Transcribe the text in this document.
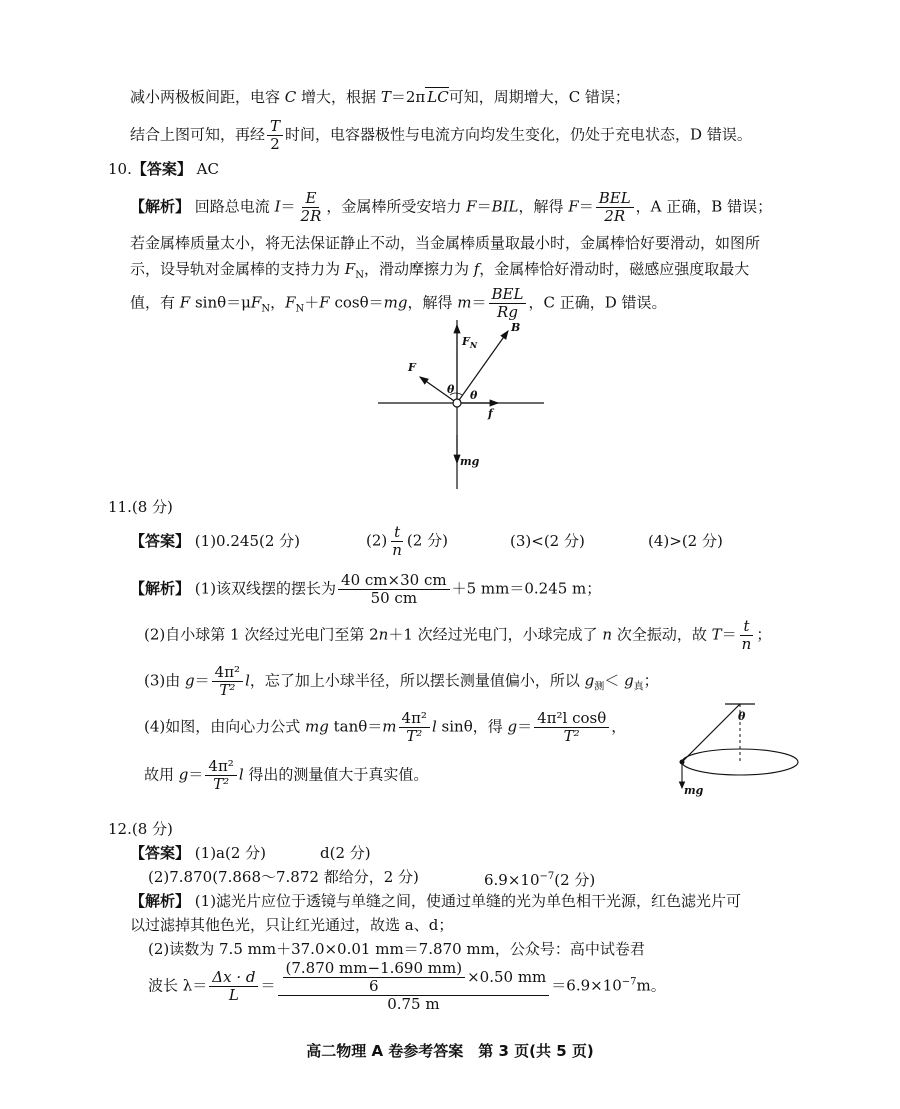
减小两极板间距，电容 C 增大，根据 T＝2π LC可知，周期增大，C 错误；
结合上图可知，再经 $\frac{T}{2}$ 时间，电容器极性与电流方向均发生变化，仍处于充电状态，D 错误。
10.【答案】 AC
【解析】 回路总电流 $I= \frac{E}{2R}$ ，金属棒所受安培力 F＝BIL，解得 $F= \frac{\text{BEL}}{2R}$ ，A 正确，B 错误；
若金属棒质量太小，将无法保证静止不动，当金属棒质量取最小时，金属棒恰好要滑动，如图所
示，设导轨对金属棒的支持力为 $F_N$，滑动摩擦力为 f，金属棒恰好滑动时，磁感应强度取最大
值，有 F $\sin\theta=\mu F_N$，$F_N+F$ cosθ＝mg，解得 $m= \frac{\text{BEL}}{Rg}$ ，C 正确，D 错误。
B
$F_N$
F
θ θ
f
mg
11.(8 分)
【答案】 (1)0.245(2 分)	$(2) \frac{t}{n} (2$ 分)	(3)<(2 分)	(4)>(2 分)
【解析】 (1)该双线摆的摆长为 $\frac{40 cm\times 30 cm}{50 cm} +5$ mm＝0.245 m；
(2)自小球第 1 次经过光电门至第 2n＋1 次经过光电门，小球完成了 n 次全振动，故 $T= \frac{t}{n}$ ；
(3)由 $g= \frac{\text{4π²}}{\text{T²}}$ l，忘了加上小球半径，所以摆长测量值偏小，所以 $g_测< g_真$；
(4)如图，由向心力公式 mg $\tan\theta=m \frac{\text{4π²}}{\text{T²}}$ l sinθ，得 $g= \frac{\text{4π²l cosθ}}{\text{T²}}$ ，
故用 $g= \frac{\text{4π²}}{\text{T²}}$ l 得出的测量值大于真实值。
θ
mg
12.(8 分)
【答案】 (1)a(2 分)	d(2 分)
(2)7.870(7.868～7.872 都给分，2 分)	$6.9\times 10^{-7}(2$ 分)
【解析】 (1)滤光片应位于透镜与单缝之间，使通过单缝的光为单色相干光源，红色滤光片可
以过滤掉其他色光，只让红光通过，故选 a、d；
(2)读数为 7.5 mm＋37.0×0.01 mm＝7.870 mm，公众号：高中试卷君
波长 $\lambda= \frac{\Delta x \cdot d}{L} = \frac{\frac{(7.870 mm-1.690 mm)}{6} \times 0.50 mm}{0.75 m} =6.9\times 10^{-7}m$。
高二物理 A 卷参考答案　第 3 页(共 5 页)
